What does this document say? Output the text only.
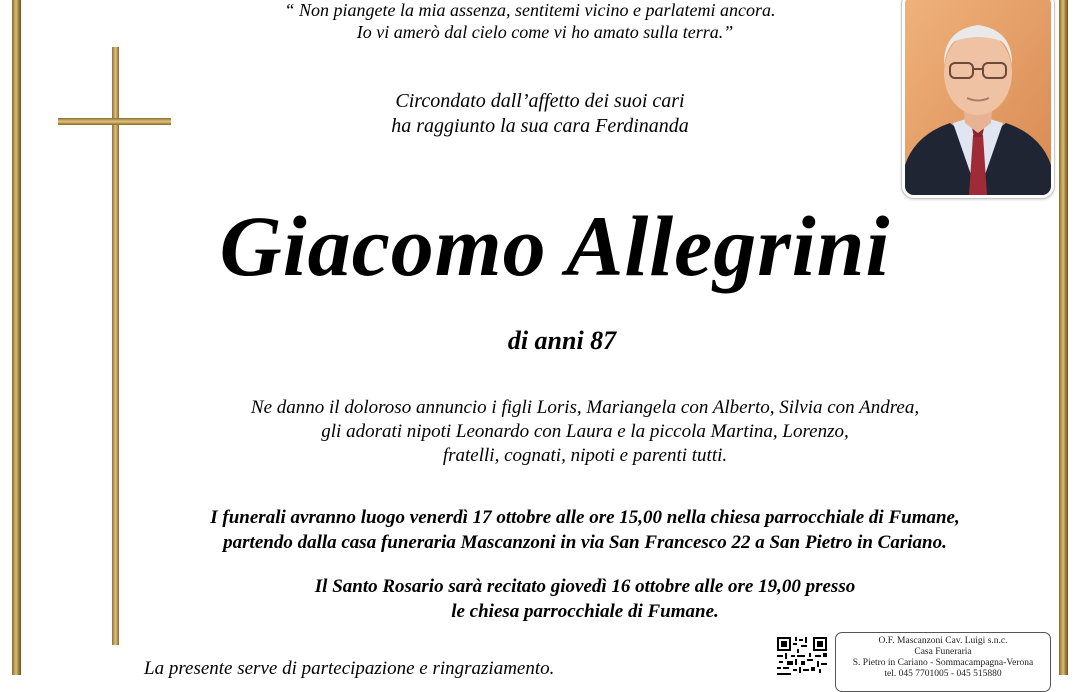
“ Non piangete la mia assenza, sentitemi vicino e parlatemi ancora.
Io vi amerò dal cielo come vi ho amato sulla terra.”
Circondato dall’affetto dei suoi cari
ha raggiunto la sua cara Ferdinanda
Giacomo Allegrini
di anni 87
Ne danno il doloroso annuncio i figli Loris, Mariangela con Alberto, Silvia con Andrea,
gli adorati nipoti Leonardo con Laura e la piccola Martina, Lorenzo,
fratelli, cognati, nipoti e parenti tutti.
I funerali avranno luogo venerdì 17 ottobre alle ore 15,00 nella chiesa parrocchiale di Fumane,
partendo dalla casa funeraria Mascanzoni in via San Francesco 22 a San Pietro in Cariano.
Il Santo Rosario sarà recitato giovedì 16 ottobre alle ore 19,00 presso
le chiesa parrocchiale di Fumane.
La presente serve di partecipazione e ringraziamento.
O.F. Mascanzoni Cav. Luigi s.n.c.
Casa Funeraria
S. Pietro in Cariano - Sommacampagna-Verona
tel. 045 7701005 - 045 515880
